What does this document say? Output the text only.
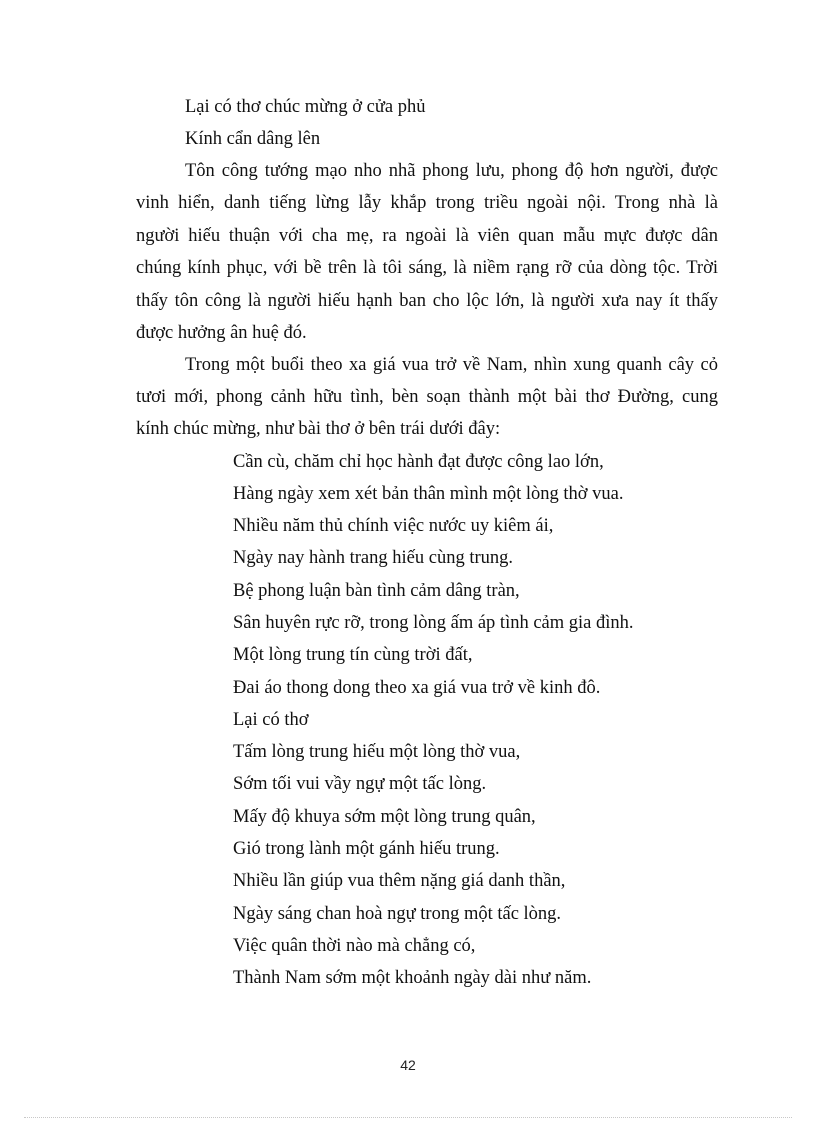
Lại có thơ chúc mừng ở cửa phủ
Kính cẩn dâng lên
Tôn công tướng mạo nho nhã phong lưu, phong độ hơn người, được
vinh hiển, danh tiếng lừng lẫy khắp trong triều ngoài nội. Trong nhà là
người hiếu thuận với cha mẹ, ra ngoài là viên quan mẫu mực được dân
chúng kính phục, với bề trên là tôi sáng, là niềm rạng rỡ của dòng tộc. Trời
thấy tôn công là người hiếu hạnh ban cho lộc lớn, là người xưa nay ít thấy
được hưởng ân huệ đó.
Trong một buổi theo xa giá vua trở về Nam, nhìn xung quanh cây cỏ
tươi mới, phong cảnh hữu tình, bèn soạn thành một bài thơ Đường, cung
kính chúc mừng, như bài thơ ở bên trái dưới đây:
Cần cù, chăm chỉ học hành đạt được công lao lớn,
Hàng ngày xem xét bản thân mình một lòng thờ vua.
Nhiều năm thủ chính việc nước uy kiêm ái,
Ngày nay hành trang hiếu cùng trung.
Bệ phong luận bàn tình cảm dâng tràn,
Sân huyên rực rỡ, trong lòng ấm áp tình cảm gia đình.
Một lòng trung tín cùng trời đất,
Đai áo thong dong theo xa giá vua trở về kinh đô.
Lại có thơ
Tấm lòng trung hiếu một lòng thờ vua,
Sớm tối vui vầy ngự một tấc lòng.
Mấy độ khuya sớm một lòng trung quân,
Gió trong lành một gánh hiếu trung.
Nhiều lần giúp vua thêm nặng giá danh thần,
Ngày sáng chan hoà ngự trong một tấc lòng.
Việc quân thời nào mà chẳng có,
Thành Nam sớm một khoảnh ngày dài như năm.
42
